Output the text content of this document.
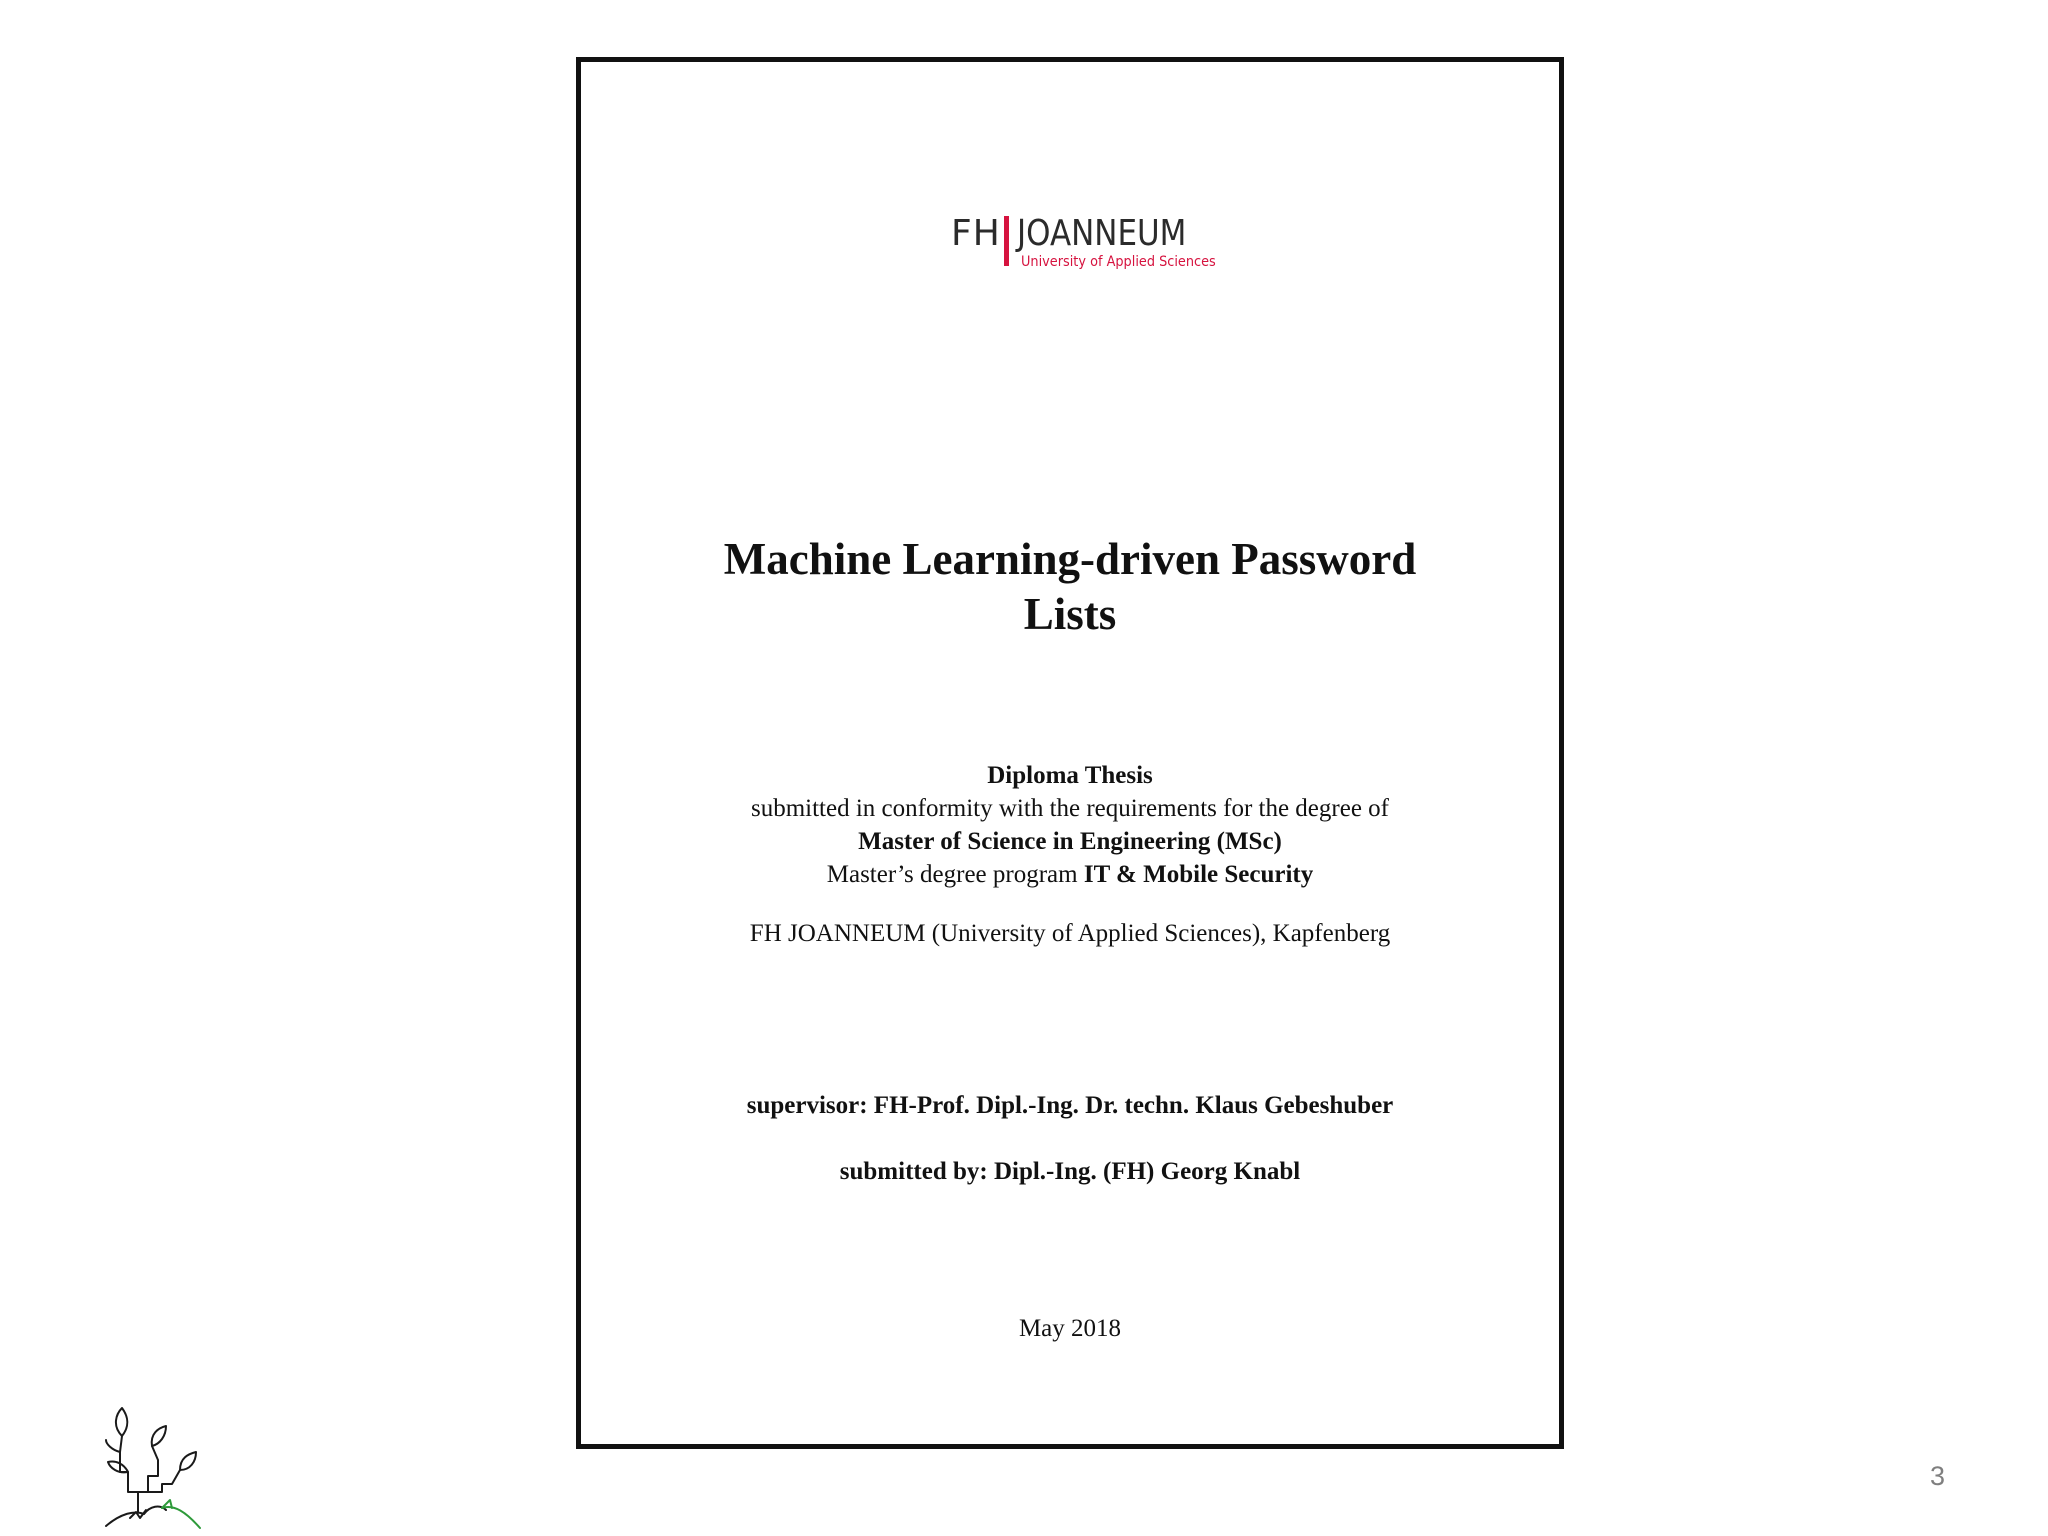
FH JOANNEUM
University of Applied Sciences
Machine Learning-driven Password
Lists
Diploma Thesis
submitted in conformity with the requirements for the degree of
Master of Science in Engineering (MSc)
Master’s degree program IT & Mobile Security
FH JOANNEUM (University of Applied Sciences), Kapfenberg
supervisor: FH-Prof. Dipl.-Ing. Dr. techn. Klaus Gebeshuber
submitted by: Dipl.-Ing. (FH) Georg Knabl
May 2018
3
